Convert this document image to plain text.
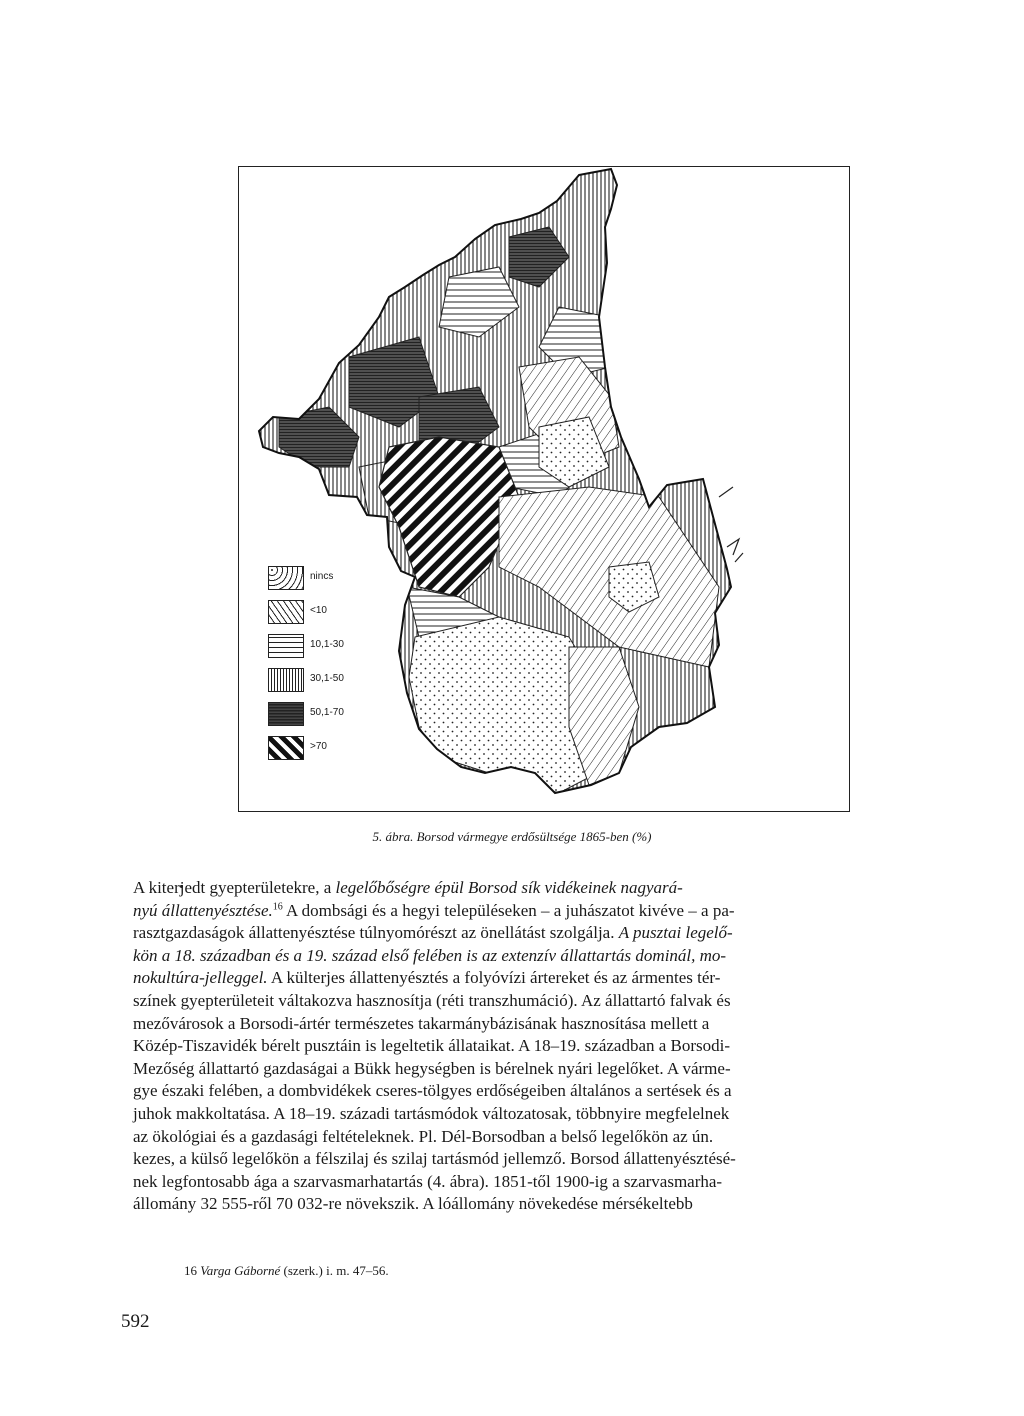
nincs
<10
10,1-30
30,1-50
50,1-70
>70
5. ábra. Borsod vármegye erdősültsége 1865-ben (%)
A kiterjedt gyepterületekre, a legelőbőségre épül Borsod sík vidékeinek nagyará-
nyú állattenyésztése.$^{16}$ A dombsági és a hegyi településeken – a juhászatot kivéve – a pa-
rasztgazdaságok állattenyésztése túlnyomórészt az önellátást szolgálja. A pusztai legelő-
kön a 18. században és a 19. század első felében is az extenzív állattartás dominál, mo-
nokultúra-jelleggel. A külterjes állattenyésztés a folyóvízi ártereket és az ármentes tér-
színek gyepterületeit váltakozva hasznosítja (réti transzhumáció). Az állattartó falvak és
mezővárosok a Borsodi-ártér természetes takarmánybázisának hasznosítása mellett a
Közép-Tiszavidék bérelt pusztáin is legeltetik állataikat. A 18–19. században a Borsodi-
Mezőség állattartó gazdaságai a Bükk hegységben is bérelnek nyári legelőket. A várme-
gye északi felében, a dombvidékek cseres-tölgyes erdőségeiben általános a sertések és a
juhok makkoltatása. A 18–19. századi tartásmódok változatosak, többnyire megfelelnek
az ökológiai és a gazdasági feltételeknek. Pl. Dél-Borsodban a belső legelőkön az ún.
kezes, a külső legelőkön a félszilaj és szilaj tartásmód jellemző. Borsod állattenyésztésé-
nek legfontosabb ága a szarvasmarhatartás (4. ábra). 1851-től 1900-ig a szarvasmarha-
állomány 32 555-ről 70 032-re növekszik. A lóállomány növekedése mérsékeltebb
16 Varga Gáborné (szerk.) i. m. 47–56.
592
